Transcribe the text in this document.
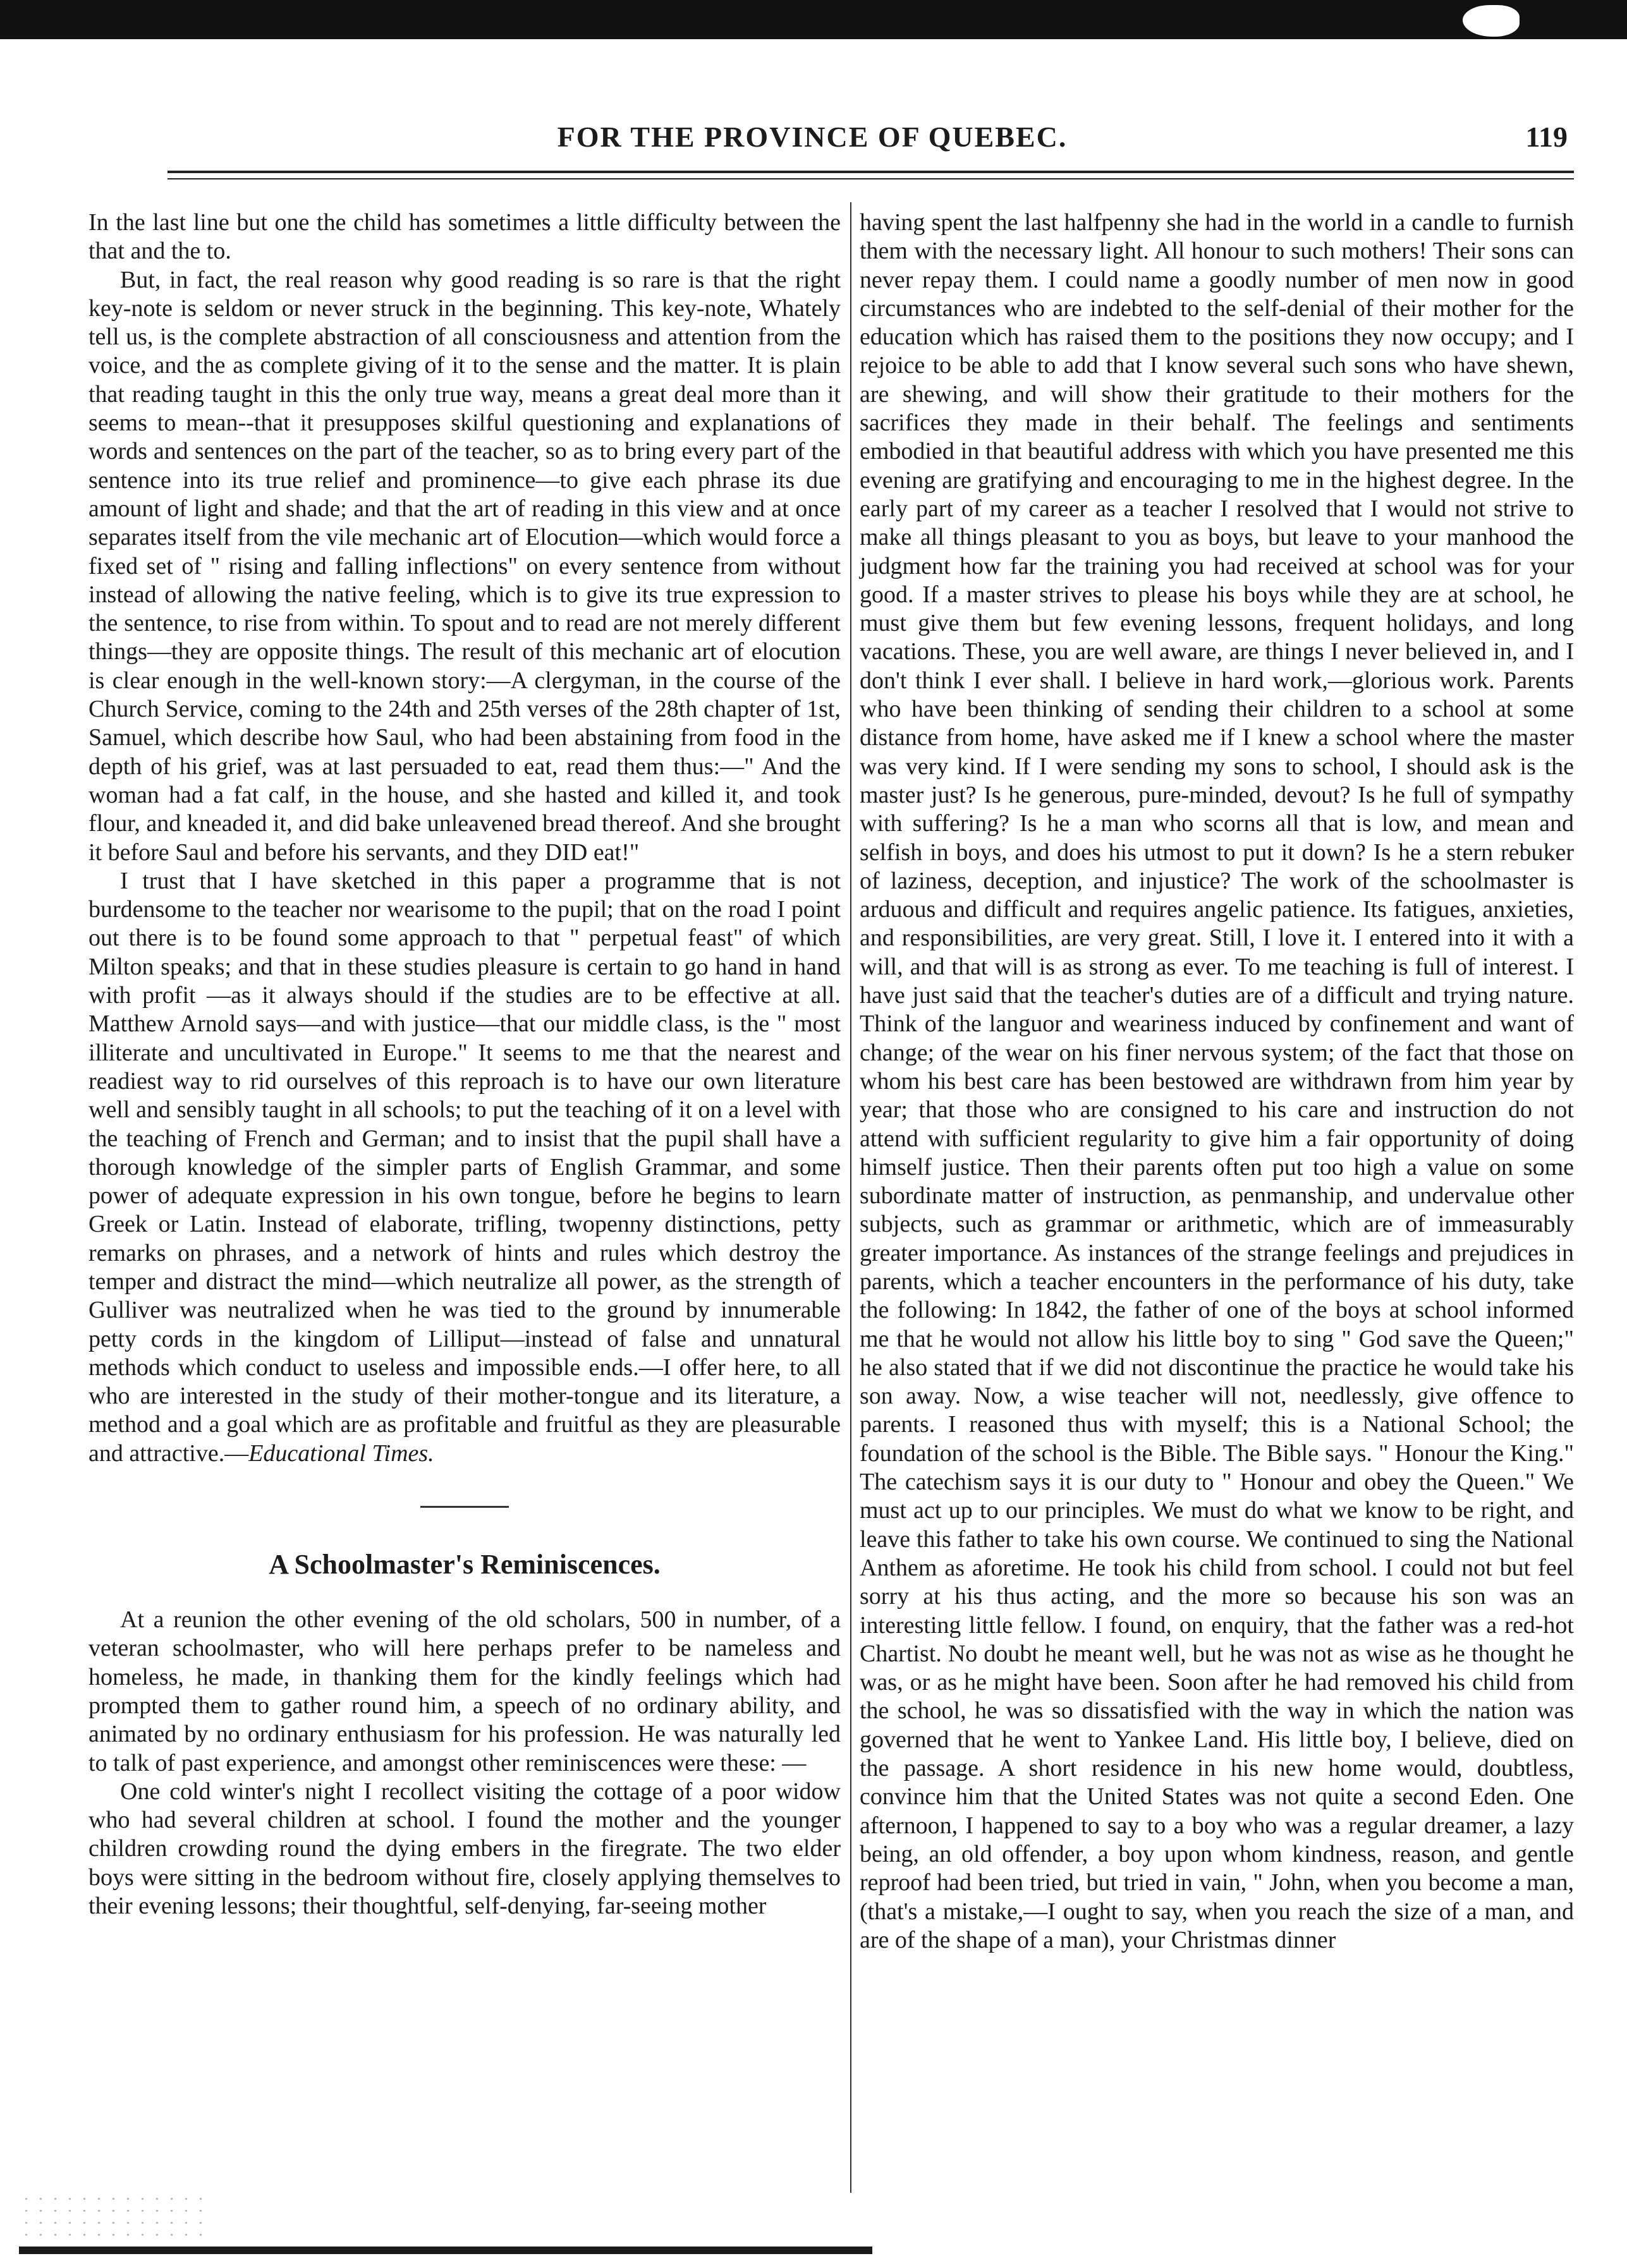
FOR THE PROVINCE OF QUEBEC.	119

In the last line but one the child has sometimes a little difficulty between the that and the to.

But, in fact, the real reason why good reading is so rare is that the right key-note is seldom or never struck in the beginning. This key-note, Whately tell us, is the complete abstraction of all consciousness and attention from the voice, and the as complete giving of it to the sense and the matter. It is plain that reading taught in this the only true way, means a great deal more than it seems to mean--that it presupposes skilful questioning and explanations of words and sentences on the part of the teacher, so as to bring every part of the sentence into its true relief and prominence—to give each phrase its due amount of light and shade; and that the art of reading in this view and at once separates itself from the vile mechanic art of Elocution—which would force a fixed set of " rising and falling inflections" on every sentence from without instead of allowing the native feeling, which is to give its true expression to the sentence, to rise from within. To spout and to read are not merely different things—they are opposite things. The result of this mechanic art of elocution is clear enough in the well-known story:—A clergyman, in the course of the Church Service, coming to the 24th and 25th verses of the 28th chapter of 1st, Samuel, which describe how Saul, who had been abstaining from food in the depth of his grief, was at last persuaded to eat, read them thus:—" And the woman had a fat calf, in the house, and she hasted and killed it, and took flour, and kneaded it, and did bake unleavened bread thereof. And she brought it before Saul and before his servants, and they DID eat!"

I trust that I have sketched in this paper a programme that is not burdensome to the teacher nor wearisome to the pupil; that on the road I point out there is to be found some approach to that " perpetual feast" of which Milton speaks; and that in these studies pleasure is certain to go hand in hand with profit —as it always should if the studies are to be effective at all. Matthew Arnold says—and with justice—that our middle class, is the " most illiterate and uncultivated in Europe." It seems to me that the nearest and readiest way to rid ourselves of this reproach is to have our own literature well and sensibly taught in all schools; to put the teaching of it on a level with the teaching of French and German; and to insist that the pupil shall have a thorough knowledge of the simpler parts of English Grammar, and some power of adequate expression in his own tongue, before he begins to learn Greek or Latin. Instead of elaborate, trifling, twopenny distinctions, petty remarks on phrases, and a network of hints and rules which destroy the temper and distract the mind—which neutralize all power, as the strength of Gulliver was neutralized when he was tied to the ground by innumerable petty cords in the kingdom of Lilliput—instead of false and unnatural methods which conduct to useless and impossible ends.—I offer here, to all who are interested in the study of their mother-tongue and its literature, a method and a goal which are as profitable and fruitful as they are pleasurable and attractive.—Educational Times.

A Schoolmaster's Reminiscences.

At a reunion the other evening of the old scholars, 500 in number, of a veteran schoolmaster, who will here perhaps prefer to be nameless and homeless, he made, in thanking them for the kindly feelings which had prompted them to gather round him, a speech of no ordinary ability, and animated by no ordinary enthusiasm for his profession. He was naturally led to talk of past experience, and amongst other reminiscences were these: —

One cold winter's night I recollect visiting the cottage of a poor widow who had several children at school. I found the mother and the younger children crowding round the dying embers in the firegrate. The two elder boys were sitting in the bedroom without fire, closely applying themselves to their evening lessons; their thoughtful, self-denying, far-seeing mother

having spent the last halfpenny she had in the world in a candle to furnish them with the necessary light. All honour to such mothers! Their sons can never repay them. I could name a goodly number of men now in good circumstances who are indebted to the self-denial of their mother for the education which has raised them to the positions they now occupy; and I rejoice to be able to add that I know several such sons who have shewn, are shewing, and will show their gratitude to their mothers for the sacrifices they made in their behalf. The feelings and sentiments embodied in that beautiful address with which you have presented me this evening are gratifying and encouraging to me in the highest degree. In the early part of my career as a teacher I resolved that I would not strive to make all things pleasant to you as boys, but leave to your manhood the judgment how far the training you had received at school was for your good. If a master strives to please his boys while they are at school, he must give them but few evening lessons, frequent holidays, and long vacations. These, you are well aware, are things I never believed in, and I don't think I ever shall. I believe in hard work,—glorious work. Parents who have been thinking of sending their children to a school at some distance from home, have asked me if I knew a school where the master was very kind. If I were sending my sons to school, I should ask is the master just? Is he generous, pure-minded, devout? Is he full of sympathy with suffering? Is he a man who scorns all that is low, and mean and selfish in boys, and does his utmost to put it down? Is he a stern rebuker of laziness, deception, and injustice? The work of the schoolmaster is arduous and difficult and requires angelic patience. Its fatigues, anxieties, and responsibilities, are very great. Still, I love it. I entered into it with a will, and that will is as strong as ever. To me teaching is full of interest. I have just said that the teacher's duties are of a difficult and trying nature. Think of the languor and weariness induced by confinement and want of change; of the wear on his finer nervous system; of the fact that those on whom his best care has been bestowed are withdrawn from him year by year; that those who are consigned to his care and instruction do not attend with sufficient regularity to give him a fair opportunity of doing himself justice. Then their parents often put too high a value on some subordinate matter of instruction, as penmanship, and undervalue other subjects, such as grammar or arithmetic, which are of immeasurably greater importance. As instances of the strange feelings and prejudices in parents, which a teacher encounters in the performance of his duty, take the following: In 1842, the father of one of the boys at school informed me that he would not allow his little boy to sing " God save the Queen;" he also stated that if we did not discontinue the practice he would take his son away. Now, a wise teacher will not, needlessly, give offence to parents. I reasoned thus with myself; this is a National School; the foundation of the school is the Bible. The Bible says. " Honour the King." The catechism says it is our duty to " Honour and obey the Queen." We must act up to our principles. We must do what we know to be right, and leave this father to take his own course. We continued to sing the National Anthem as aforetime. He took his child from school. I could not but feel sorry at his thus acting, and the more so because his son was an interesting little fellow. I found, on enquiry, that the father was a red-hot Chartist. No doubt he meant well, but he was not as wise as he thought he was, or as he might have been. Soon after he had removed his child from the school, he was so dissatisfied with the way in which the nation was governed that he went to Yankee Land. His little boy, I believe, died on the passage. A short residence in his new home would, doubtless, convince him that the United States was not quite a second Eden. One afternoon, I happened to say to a boy who was a regular dreamer, a lazy being, an old offender, a boy upon whom kindness, reason, and gentle reproof had been tried, but tried in vain, " John, when you become a man, (that's a mistake,—I ought to say, when you reach the size of a man, and are of the shape of a man), your Christmas dinner
